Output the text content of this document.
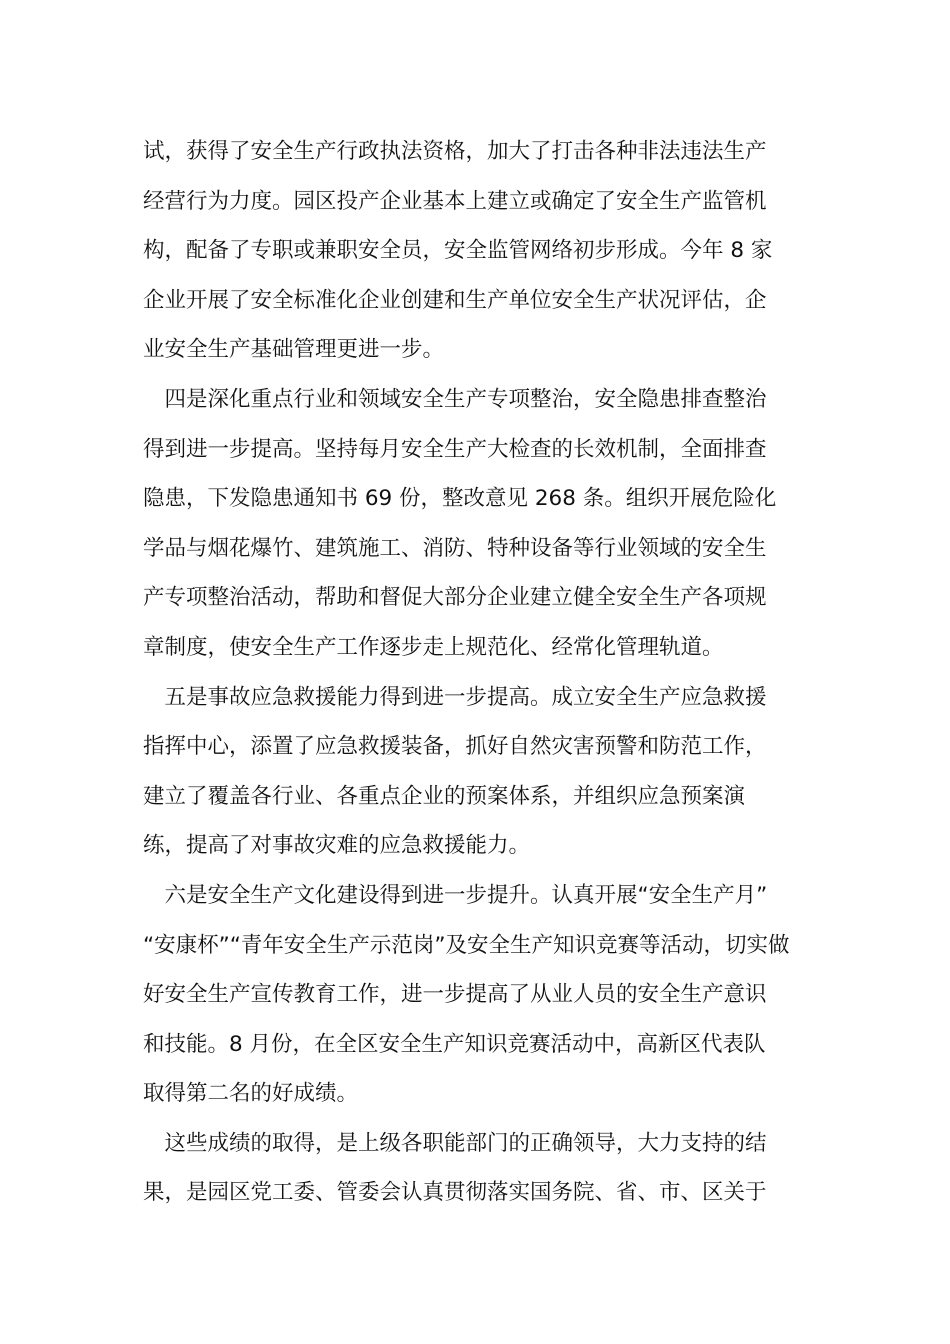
试，获得了安全生产行政执法资格，加大了打击各种非法违法生产
经营行为力度。园区投产企业基本上建立或确定了安全生产监管机
构，配备了专职或兼职安全员，安全监管网络初步形成。今年 8 家
企业开展了安全标准化企业创建和生产单位安全生产状况评估，企
业安全生产基础管理更进一步。
　四是深化重点行业和领域安全生产专项整治，安全隐患排查整治
得到进一步提高。坚持每月安全生产大检查的长效机制，全面排查
隐患，下发隐患通知书 69 份，整改意见 268 条。组织开展危险化
学品与烟花爆竹、建筑施工、消防、特种设备等行业领域的安全生
产专项整治活动，帮助和督促大部分企业建立健全安全生产各项规
章制度，使安全生产工作逐步走上规范化、经常化管理轨道。
　五是事故应急救援能力得到进一步提高。成立安全生产应急救援
指挥中心，添置了应急救援装备，抓好自然灾害预警和防范工作，
建立了覆盖各行业、各重点企业的预案体系，并组织应急预案演
练，提高了对事故灾难的应急救援能力。
　六是安全生产文化建设得到进一步提升。认真开展“安全生产月”
“安康杯”“青年安全生产示范岗”及安全生产知识竞赛等活动，切实做
好安全生产宣传教育工作，进一步提高了从业人员的安全生产意识
和技能。8 月份，在全区安全生产知识竞赛活动中，高新区代表队
取得第二名的好成绩。
　这些成绩的取得，是上级各职能部门的正确领导，大力支持的结
果，是园区党工委、管委会认真贯彻落实国务院、省、市、区关于
